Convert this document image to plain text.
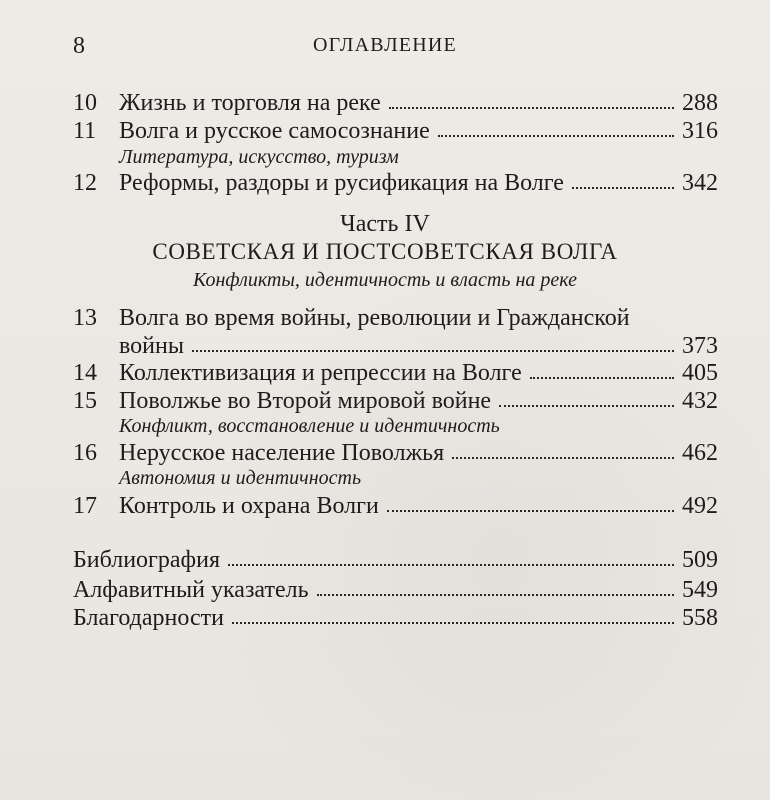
8	ОГЛАВЛЕНИЕ
10 Жизнь и торговля на реке	288
11 Волга и русское самосознание	316
Литература, искусство, туризм
12 Реформы, раздоры и русификация на Волге	342
Часть IV
СОВЕТСКАЯ И ПОСТСОВЕТСКАЯ ВОЛГА
Конфликты, идентичность и власть на реке
13 Волга во время войны, революции и Гражданской
войны	373
14 Коллективизация и репрессии на Волге	405
15 Поволжье во Второй мировой войне	432
Конфликт, восстановление и идентичность
16 Нерусское население Поволжья	462
Автономия и идентичность
17 Контроль и охрана Волги	492
Библиография	509
Алфавитный указатель	549
Благодарности	558
